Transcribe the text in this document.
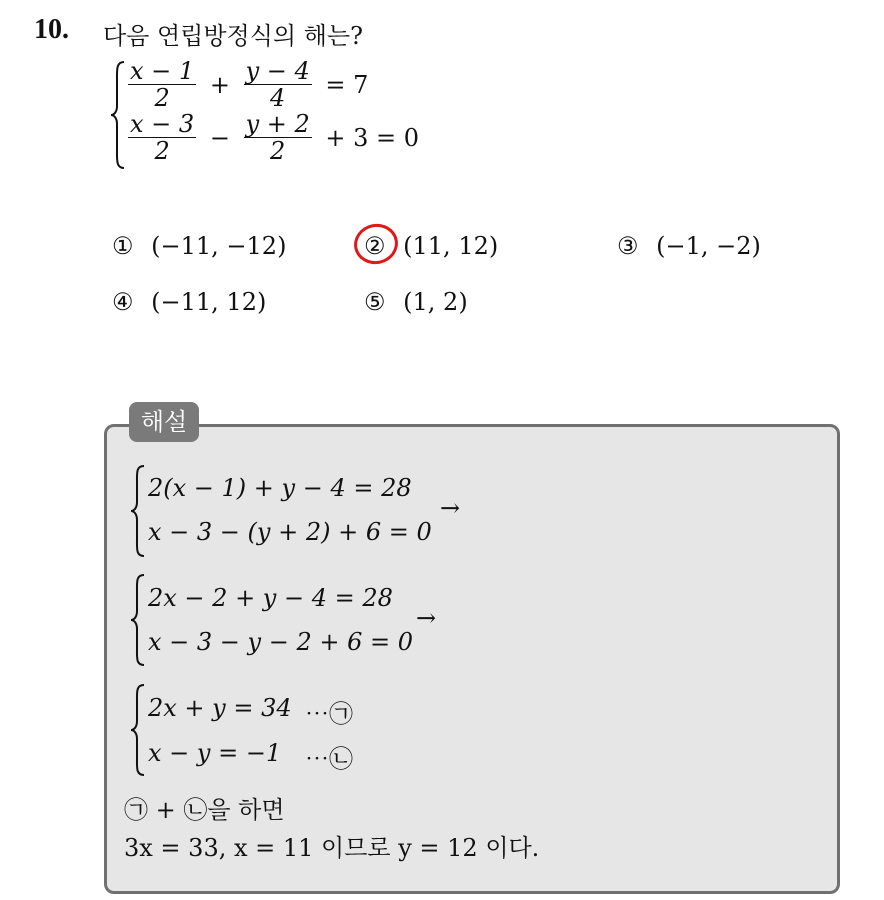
10. 다음 연립방정식의 해는?
$\frac{x - 1}{2} + \frac{y - 4}{4} = 7$
$\frac{x - 3}{2} - \frac{y + 2}{2} + 3 = 0$
① (−11, −12)	② (11, 12)	③ (−1, −2)
④ (−11, 12)	⑤ (1, 2)
해설
2(x − 1) + y − 4 = 28
x − 3 − (y + 2) + 6 = 0
→
2x − 2 + y − 4 = 28
x − 3 − y − 2 + 6 = 0
→
2x + y = 34 ⋯㉠
x − y = −1 ⋯㉡
㉠ + ㉡을 하면
3x = 33, x = 11 이므로 y = 12 이다.
